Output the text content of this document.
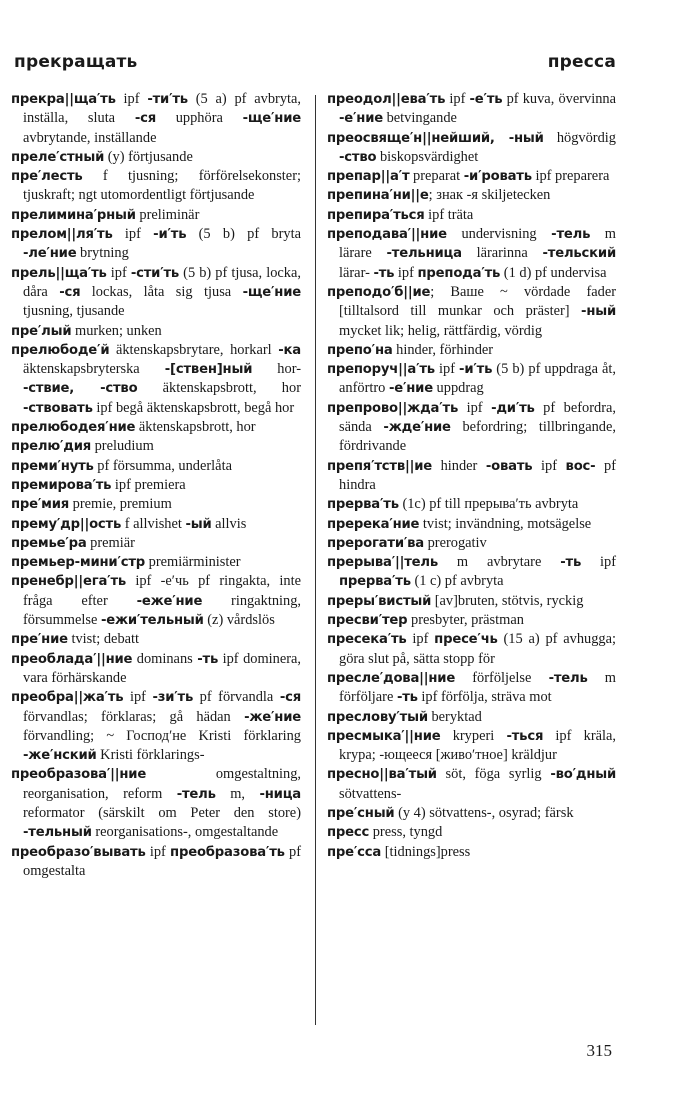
прекращать	пресса

прекра||ща′ть ipf -ти′ть (5 a) pf avbryta, inställa, sluta -ся upphöra -ще′ние avbrytande, inställande

преле′стный (y) förtjusande

пре′лесть f tjusning; förförelsekonster; tjuskraft; ngt utomordentligt förtjusande

прелимина′рный preliminär

прелом||ля′ть ipf -и′ть (5 b) pf bryta -ле′ние brytning

прель||ща′ть ipf -сти′ть (5 b) pf tjusa, locka, dåra -ся lockas, låta sig tjusa -ще′ние tjusning, tjusande

пре′лый murken; unken

прелюбоде′й äktenskapsbrytare, horkarl -ка äktenskapsbryterska -[ствен]ный hor- -ствие, -ство äktenskapsbrott, hor -ствовать ipf begå äktenskapsbrott, begå hor

прелюбодея′ние äktenskapsbrott, hor

прелю′дия preludium

преми′нуть pf försumma, underlåta

премирова′ть ipf premiera

пре′мия premie, premium

прему′др||ость f allvishet -ый allvis

премье′ра premiär

премьер-мини′стр premiärminister

пренебр||ега′ть ipf -е′чь pf ringakta, inte fråga efter -еже′ние ringaktning, försummelse -ежи′тельный (z) vårdslös

пре′ние tvist; debatt

преоблада′||ние dominans -ть ipf dominera, vara förhärskande

преобра||жа′ть ipf -зи′ть pf förvandla -ся förvandlas; förklaras; gå hädan -же′ние förvandling; ~ Господ′не Kristi förklaring -же′нский Kristi förklarings-

преобразова′||ние omgestaltning, reorganisation, reform -тель m, -ница reformator (särskilt om Peter den store) -тельный reorganisations-, omgestaltande

преобразо′вывать ipf преобразова′ть pf omgestalta

преодол||ева′ть ipf -е′ть pf kuva, övervinna -е′ние betvingande

преосвяще′н||нейший, -ный högvördig -ство biskopsvärdighet

препар||а′т preparat -и′ровать ipf preparera

препина′ни||е; знак -я skiljetecken

препира′ться ipf träta

преподава′||ние undervisning -тель m lärare -тельница lärarinna -тельский lärar- -ть ipf препода′ть (1 d) pf undervisa

преподо′б||ие; Ваше ~ vördade fader [tilltalsord till munkar och präster] -ный mycket lik; helig, rättfärdig, vördig

препо′на hinder, förhinder

препоруч||а′ть ipf -и′ть (5 b) pf uppdraga åt, anförtro -е′ние uppdrag

препрово||жда′ть ipf -ди′ть pf befordra, sända -жде′ние befordring; tillbringande, fördrivande

препя′тств||ие hinder -овать ipf вос- pf hindra

прерва′ть (1c) pf till прерыва′ть avbryta

пререка′ние tvist; invändning, motsägelse

прерогати′ва prerogativ

прерыва′||тель m avbrytare -ть ipf прерва′ть (1 c) pf avbryta

преры′вистый [av]bruten, stötvis, ryckig

пресви′тер presbyter, prästman

пресека′ть ipf пресе′чь (15 a) pf avhugga; göra slut på, sätta stopp för

пресле′дова||ние förföljelse -тель m förföljare -ть ipf förfölja, sträva mot

преслову′тый beryktad

пресмыка′||ние kryperi -ться ipf kräla, krypa; -ющееся [живо′тное] kräldjur

пресно||ва′тый söt, föga syrlig -во′дный sötvattens-

пре′сный (y 4) sötvattens-, osyrad; färsk

пресс press, tyngd

пре′сса [tidnings]press

315
